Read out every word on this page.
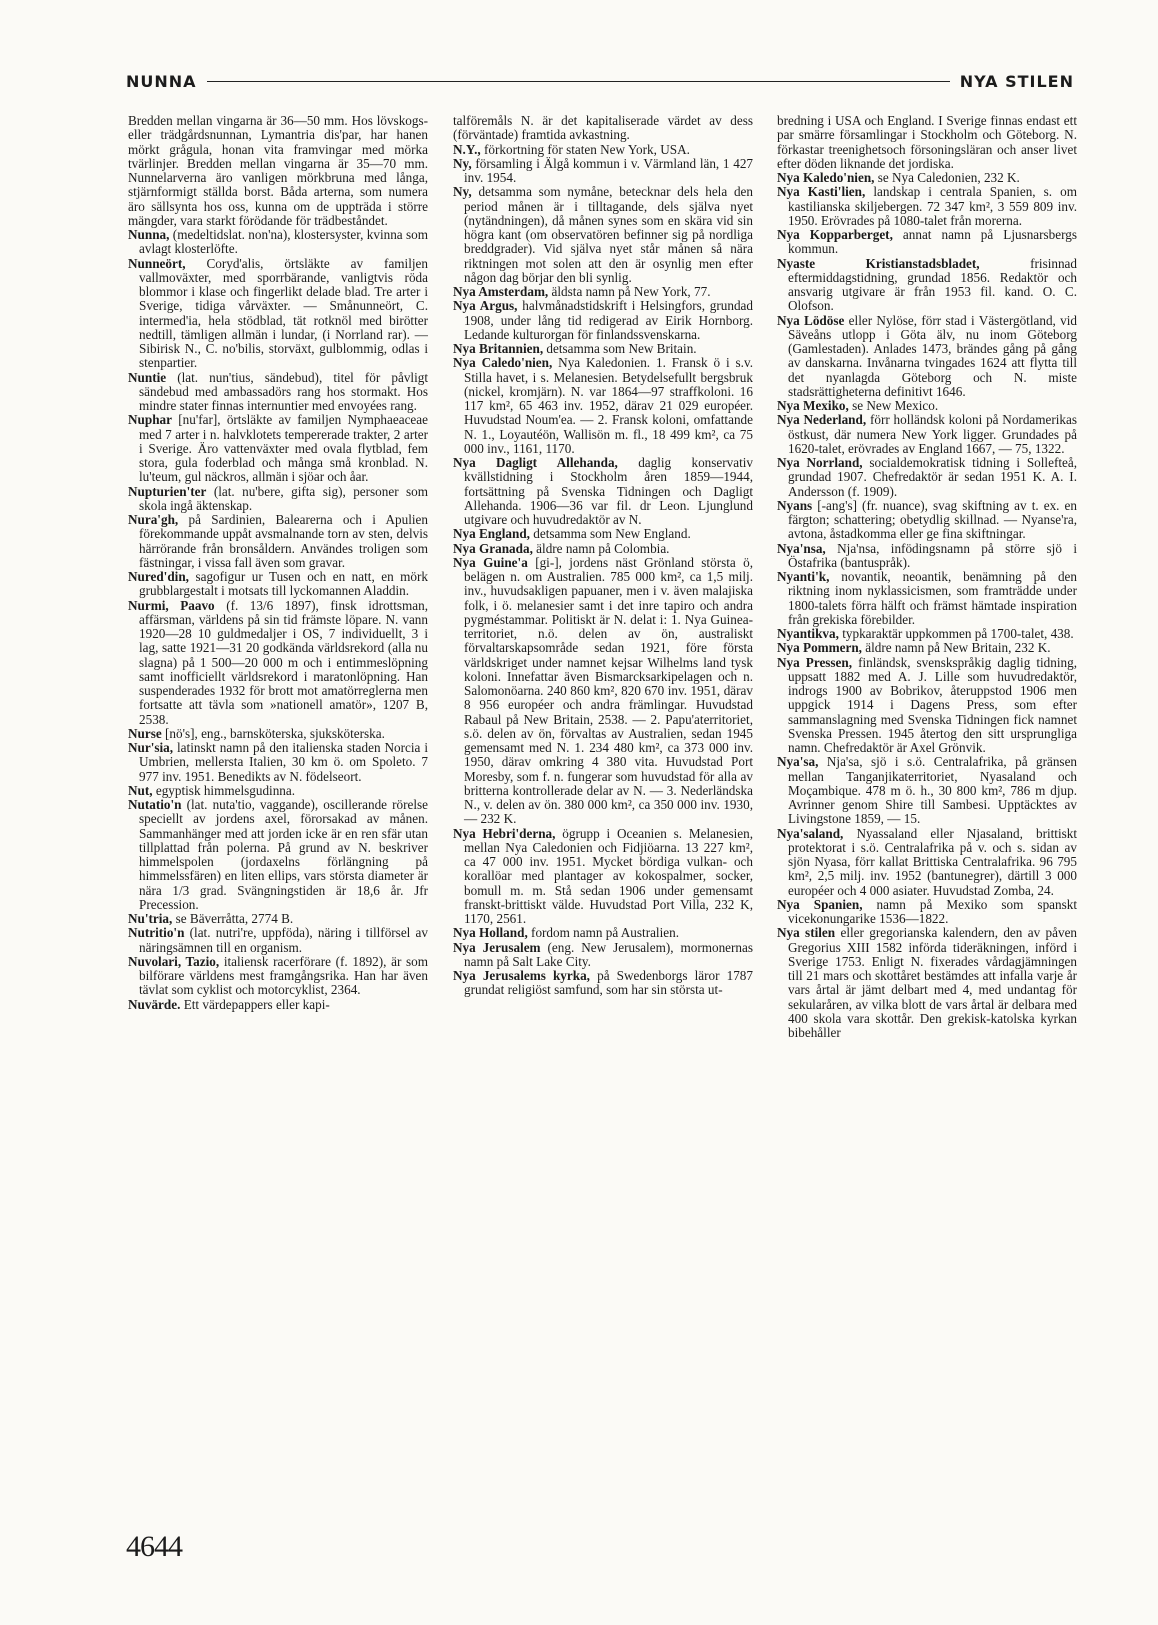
NUNNA	NYA STILEN

Bredden mellan vingarna är 36—50 mm. Hos lövskogs- eller trädgårdsnunnan, Lymantria dis'par, har hanen mörkt grågula, honan vita framvingar med mörka tvärlinjer. Bredden mellan vingarna är 35—70 mm. Nunnelarverna äro vanligen mörkbruna med långa, stjärnformigt ställda borst. Båda arterna, som numera äro sällsynta hos oss, kunna om de uppträda i större mängder, vara starkt förödande för trädbeståndet.

Nunna, (medeltidslat. non'na), klostersyster, kvinna som avlagt klosterlöfte.

Nunneört, Coryd'alis, örtsläkte av familjen vallmoväxter, med sporrbärande, vanligtvis röda blommor i klase och fingerlikt delade blad. Tre arter i Sverige, tidiga vårväxter. — Smånunneört, C. intermed'ia, hela stödblad, tät rotknöl med birötter nedtill, tämligen allmän i lundar, (i Norrland rar). — Sibirisk N., C. no'bilis, storväxt, gulblommig, odlas i stenpartier.

Nuntie (lat. nun'tius, sändebud), titel för påvligt sändebud med ambassadörs rang hos stormakt. Hos mindre stater finnas internuntier med envoyées rang.

Nuphar [nu'far], örtsläkte av familjen Nymphaeaceae med 7 arter i n. halvklotets tempererade trakter, 2 arter i Sverige. Äro vattenväxter med ovala flytblad, fem stora, gula foderblad och många små kronblad. N. lu'teum, gul näckros, allmän i sjöar och åar.

Nupturien'ter (lat. nu'bere, gifta sig), personer som skola ingå äktenskap.

Nura'gh, på Sardinien, Balearerna och i Apulien förekommande uppåt avsmalnande torn av sten, delvis härrörande från bronsåldern. Användes troligen som fästningar, i vissa fall även som gravar.

Nured'din, sagofigur ur Tusen och en natt, en mörk grubblargestalt i motsats till lyckomannen Aladdin.

Nurmi, Paavo (f. 13/6 1897), finsk idrottsman, affärsman, världens på sin tid främste löpare. N. vann 1920—28 10 guldmedaljer i OS, 7 individuellt, 3 i lag, satte 1921—31 20 godkända världsrekord (alla nu slagna) på 1 500—20 000 m och i entimmeslöpning samt inofficiellt världsrekord i maratonlöpning. Han suspenderades 1932 för brott mot amatörreglerna men fortsatte att tävla som »nationell amatör», 1207 B, 2538.

Nurse [nö's], eng., barnsköterska, sjuksköterska.

Nur'sia, latinskt namn på den italienska staden Norcia i Umbrien, mellersta Italien, 30 km ö. om Spoleto. 7 977 inv. 1951. Benedikts av N. födelseort.

Nut, egyptisk himmelsgudinna.

Nutatio'n (lat. nuta'tio, vaggande), oscillerande rörelse speciellt av jordens axel, förorsakad av månen. Sammanhänger med att jorden icke är en ren sfär utan tillplattad från polerna. På grund av N. beskriver himmelspolen (jordaxelns förlängning på himmelssfären) en liten ellips, vars största diameter är nära 1/3 grad. Svängningstiden är 18,6 år. Jfr Precession.

Nu'tria, se Bäverråtta, 2774 B.

Nutritio'n (lat. nutri're, uppföda), näring i tillförsel av näringsämnen till en organism.

Nuvolari, Tazio, italiensk racerförare (f. 1892), är som bilförare världens mest framgångsrika. Han har även tävlat som cyklist och motorcyklist, 2364.

Nuvärde. Ett värdepappers eller kapi-

talföremåls N. är det kapitaliserade värdet av dess (förväntade) framtida avkastning.

N.Y., förkortning för staten New York, USA.

Ny, församling i Älgå kommun i v. Värmland län, 1 427 inv. 1954.

Ny, detsamma som nymåne, betecknar dels hela den period månen är i tilltagande, dels själva nyet (nytändningen), då månen synes som en skära vid sin högra kant (om observatören befinner sig på nordliga breddgrader). Vid själva nyet står månen så nära riktningen mot solen att den är osynlig men efter någon dag börjar den bli synlig.

Nya Amsterdam, äldsta namn på New York, 77.

Nya Argus, halvmånadstidskrift i Helsingfors, grundad 1908, under lång tid redigerad av Eirik Hornborg. Ledande kulturorgan för finlandssvenskarna.

Nya Britannien, detsamma som New Britain.

Nya Caledo'nien, Nya Kaledonien. 1. Fransk ö i s.v. Stilla havet, i s. Melanesien. Betydelsefullt bergsbruk (nickel, kromjärn). N. var 1864—97 straffkoloni. 16 117 km², 65 463 inv. 1952, därav 21 029 européer. Huvudstad Noum'ea. — 2. Fransk koloni, omfattande N. 1., Loyautéön, Wallisön m. fl., 18 499 km², ca 75 000 inv., 1161, 1170.

Nya Dagligt Allehanda, daglig konservativ kvällstidning i Stockholm åren 1859—1944, fortsättning på Svenska Tidningen och Dagligt Allehanda. 1906—36 var fil. dr Leon. Ljunglund utgivare och huvudredaktör av N.

Nya England, detsamma som New England.

Nya Granada, äldre namn på Colombia.

Nya Guine'a [gi-], jordens näst Grönland största ö, belägen n. om Australien. 785 000 km², ca 1,5 milj. inv., huvudsakligen papuaner, men i v. även malajiska folk, i ö. melanesier samt i det inre tapiro och andra pygméstammar. Politiskt är N. delat i: 1. Nya Guinea-territoriet, n.ö. delen av ön, australiskt förvaltarskapsområde sedan 1921, före första världskriget under namnet kejsar Wilhelms land tysk koloni. Innefattar även Bismarcksarkipelagen och n. Salomonöarna. 240 860 km², 820 670 inv. 1951, därav 8 956 européer och andra främlingar. Huvudstad Rabaul på New Britain, 2538. — 2. Papu'aterritoriet, s.ö. delen av ön, förvaltas av Australien, sedan 1945 gemensamt med N. 1. 234 480 km², ca 373 000 inv. 1950, därav omkring 4 380 vita. Huvudstad Port Moresby, som f. n. fungerar som huvudstad för alla av britterna kontrollerade delar av N. — 3. Nederländska N., v. delen av ön. 380 000 km², ca 350 000 inv. 1930, — 232 K.

Nya Hebri'derna, ögrupp i Oceanien s. Melanesien, mellan Nya Caledonien och Fidjiöarna. 13 227 km², ca 47 000 inv. 1951. Mycket bördiga vulkan- och korallöar med plantager av kokospalmer, socker, bomull m. m. Stå sedan 1906 under gemensamt franskt-brittiskt välde. Huvudstad Port Villa, 232 K, 1170, 2561.

Nya Holland, fordom namn på Australien.

Nya Jerusalem (eng. New Jerusalem), mormonernas namn på Salt Lake City.

Nya Jerusalems kyrka, på Swedenborgs läror 1787 grundat religiöst samfund, som har sin största ut-

bredning i USA och England. I Sverige finnas endast ett par smärre församlingar i Stockholm och Göteborg. N. förkastar treenighetsoch försoningsläran och anser livet efter döden liknande det jordiska.

Nya Kaledo'nien, se Nya Caledonien, 232 K.

Nya Kasti'lien, landskap i centrala Spanien, s. om kastilianska skiljebergen. 72 347 km², 3 559 809 inv. 1950. Erövrades på 1080-talet från morerna.

Nya Kopparberget, annat namn på Ljusnarsbergs kommun.

Nyaste Kristianstadsbladet,	frisinnad eftermiddagstidning, grundad 1856. Redaktör och ansvarig utgivare är från 1953 fil. kand. O. C. Olofson.

Nya Lödöse eller Nylöse, förr stad i Västergötland, vid Säveåns utlopp i Göta älv, nu inom Göteborg (Gamlestaden). Anlades 1473, brändes gång på gång av danskarna. Invånarna tvingades 1624 att flytta till det nyanlagda Göteborg och N. miste stadsrättigheterna definitivt 1646.

Nya Mexiko, se New Mexico.

Nya Nederland, förr holländsk koloni på Nordamerikas östkust, där numera New York ligger. Grundades på 1620-talet, erövrades av England 1667, — 75, 1322.

Nya Norrland, socialdemokratisk tidning i Sollefteå, grundad 1907. Chefredaktör är sedan 1951 K. A. I. Andersson (f. 1909).

Nyans [-ang's] (fr. nuance), svag skiftning av t. ex. en färgton; schattering; obetydlig skillnad. — Nyanse'ra, avtona, åstadkomma eller ge fina skiftningar.

Nya'nsa, Nja'nsa, infödingsnamn på större sjö i Östafrika (bantuspråk).

Nyanti'k, novantik, neoantik, benämning på den riktning inom nyklassicismen, som framträdde under 1800-talets förra hälft och främst hämtade inspiration från grekiska förebilder.

Nyantikva, typkaraktär uppkommen på 1700-talet, 438.

Nya Pommern, äldre namn på New Britain, 232 K.

Nya Pressen, finländsk, svenskspråkig daglig tidning, uppsatt 1882 med A. J. Lille som huvudredaktör, indrogs 1900 av Bobrikov, återuppstod 1906 men uppgick 1914 i Dagens Press, som efter sammanslagning med Svenska Tidningen fick namnet Svenska Pressen. 1945 återtog den sitt ursprungliga namn. Chefredaktör är Axel Grönvik.

Nya'sa, Nja'sa, sjö i s.ö. Centralafrika, på gränsen mellan Tanganjikaterritoriet, Nyasaland och Moçambique. 478 m ö. h., 30 800 km², 786 m djup. Avrinner genom Shire till Sambesi. Upptäcktes av Livingstone 1859, — 15.

Nya'saland, Nyassaland eller Njasaland, brittiskt protektorat i s.ö. Centralafrika på v. och s. sidan av sjön Nyasa, förr kallat Brittiska Centralafrika. 96 795 km², 2,5 milj. inv. 1952 (bantunegrer), därtill 3 000 européer och 4 000 asiater. Huvudstad Zomba, 24.

Nya Spanien, namn på Mexiko som spanskt vicekonungarike 1536—1822.

Nya stilen eller gregorianska kalendern, den av påven Gregorius XIII 1582 införda tideräkningen, införd i Sverige 1753. Enligt N. fixerades vårdagjämningen till 21 mars och skottåret bestämdes att infalla varje år vars årtal är jämt delbart med 4, med undantag för sekularåren, av vilka blott de vars årtal är delbara med 400 skola vara skottår. Den grekisk-katolska kyrkan bibehåller

4644
